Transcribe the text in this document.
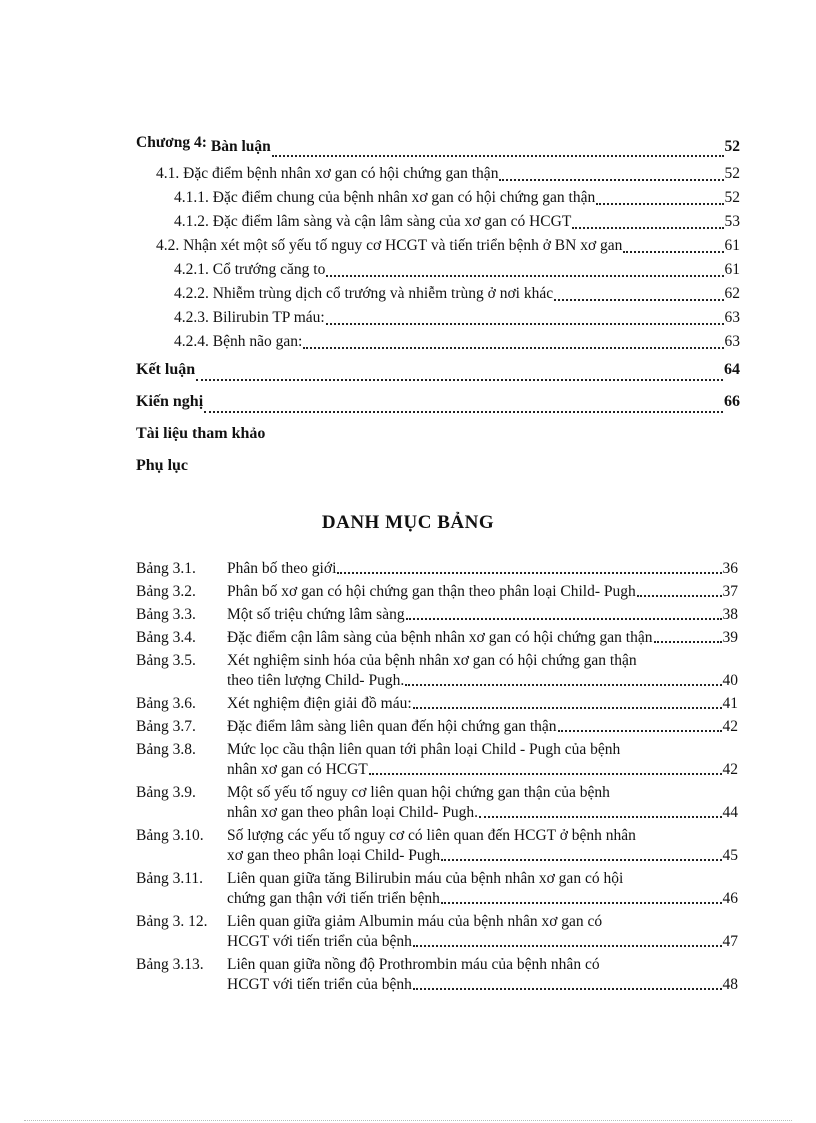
Chương 4: Bàn luận	52
4.1. Đặc điểm bệnh nhân xơ gan có hội chứng gan thận	52
4.1.1. Đặc điểm chung của bệnh nhân xơ gan có hội chứng gan thận	52
4.1.2. Đặc điểm lâm sàng và cận lâm sàng của xơ gan có HCGT	53
4.2. Nhận xét một số yếu tố nguy cơ HCGT và tiến triển bệnh ở BN xơ gan	61
4.2.1. Cổ trướng căng to	61
4.2.2. Nhiễm trùng dịch cổ trướng và nhiễm trùng ở nơi khác	62
4.2.3. Bilirubin TP máu:	63
4.2.4. Bệnh não gan:	63
Kết luận	64
Kiến nghị	66
Tài liệu tham khảo
Phụ lục
DANH MỤC BẢNG
Bảng 3.1.	Phân bố theo giới	36
Bảng 3.2.	Phân bố xơ gan có hội chứng gan thận theo phân loại Child- Pugh	37
Bảng 3.3.	Một số triệu chứng lâm sàng	38
Bảng 3.4.	Đặc điểm cận lâm sàng của bệnh nhân xơ gan có hội chứng gan thận	39
Bảng 3.5.	Xét nghiệm sinh hóa của bệnh nhân xơ gan có hội chứng gan thận
theo tiên lượng Child- Pugh.	40
Bảng 3.6.	Xét nghiệm điện giải đồ máu:	41
Bảng 3.7.	Đặc điểm lâm sàng liên quan đến hội chứng gan thận	42
Bảng 3.8.	Mức lọc cầu thận liên quan tới phân loại Child - Pugh của bệnh
nhân xơ gan có HCGT	42
Bảng 3.9.	Một số yếu tố nguy cơ liên quan hội chứng gan thận của bệnh
nhân xơ gan theo phân loại Child- Pugh.	44
Bảng 3.10.	Số lượng các yếu tố nguy cơ có liên quan đến HCGT ở bệnh nhân
xơ gan theo phân loại Child- Pugh	45
Bảng 3.11.	Liên quan giữa tăng Bilirubin máu của bệnh nhân xơ gan có hội
chứng gan thận với tiến triển bệnh	46
Bảng 3. 12.	Liên quan giữa giảm Albumin máu của bệnh nhân xơ gan có
HCGT với tiến triển của bệnh	47
Bảng 3.13.	Liên quan giữa nồng độ Prothrombin máu của bệnh nhân có
HCGT với tiến triển của bệnh	48
